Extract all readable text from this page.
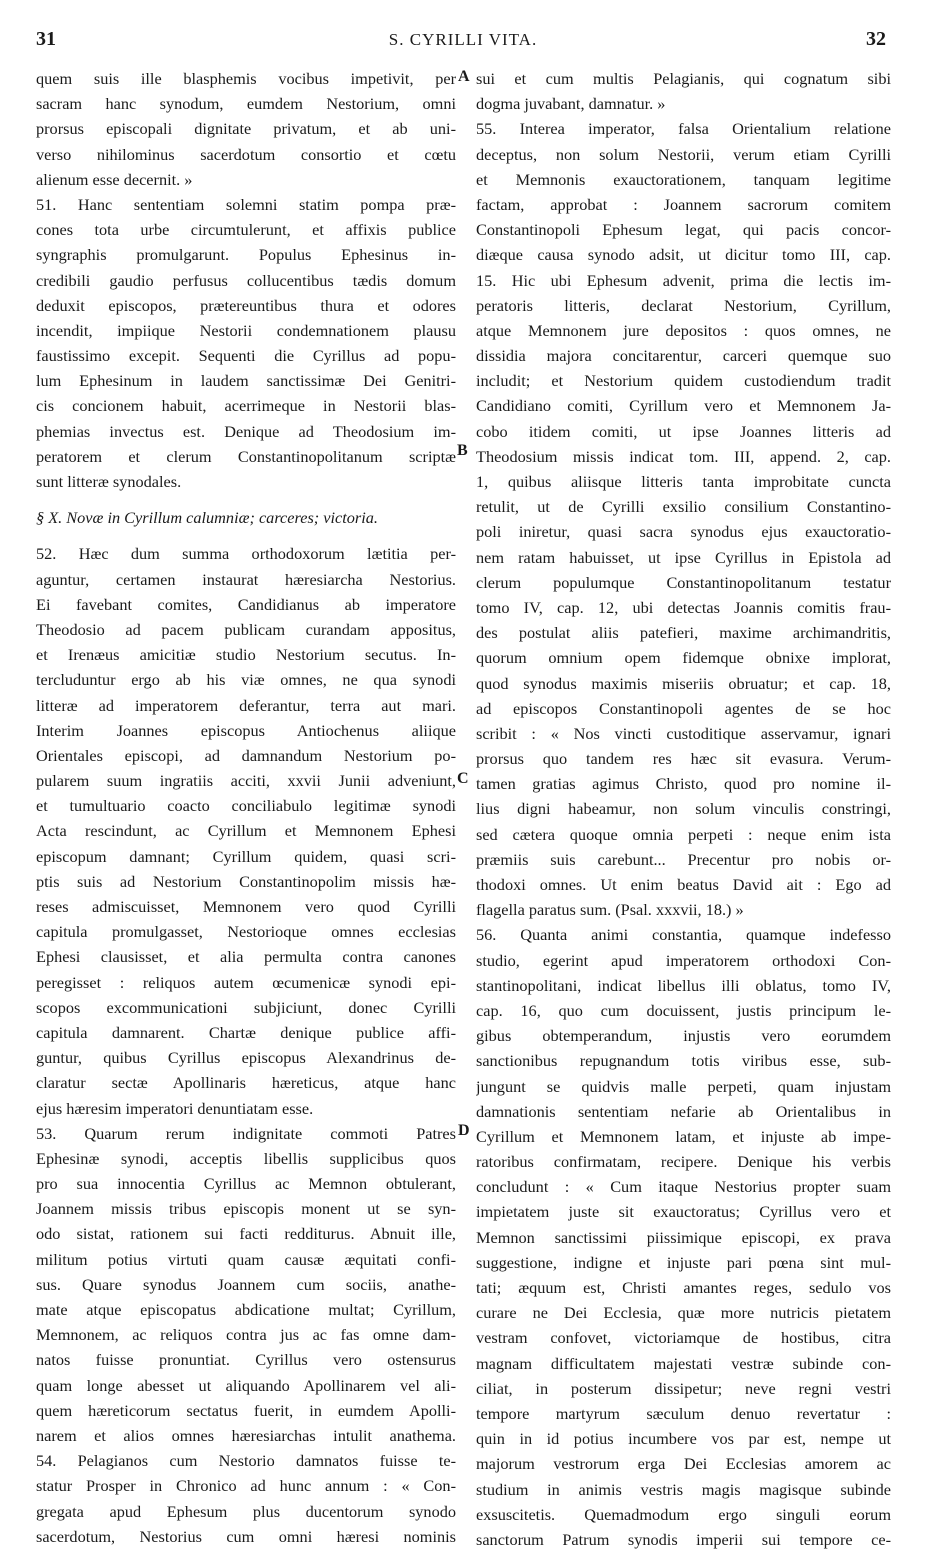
31	S. CYRILLI VITA.	32
quem suis ille blasphemis vocibus impetivit, per
sacram hanc synodum, eumdem Nestorium, omni
prorsus episcopali dignitate privatum, et ab uni-
verso nihilominus sacerdotum consortio et cœtu
alienum esse decernit. »
51. Hanc sententiam solemni statim pompa præ-
cones tota urbe circumtulerunt, et affixis publice
syngraphis promulgarunt. Populus Ephesinus in-
credibili gaudio perfusus collucentibus tædis domum
deduxit episcopos, prætereuntibus thura et odores
incendit, impiique Nestorii condemnationem plausu
faustissimo excepit. Sequenti die Cyrillus ad popu-
lum Ephesinum in laudem sanctissimæ Dei Genitri-
cis concionem habuit, acerrimeque in Nestorii blas-
phemias invectus est. Denique ad Theodosium im-
peratorem et clerum Constantinopolitanum scriptæ
sunt litteræ synodales.
§ X. Novæ in Cyrillum calumniæ; carceres; victoria.
52. Hæc dum summa orthodoxorum lætitia per-
aguntur, certamen instaurat hæresiarcha Nestorius.
Ei favebant comites, Candidianus ab imperatore
Theodosio ad pacem publicam curandam appositus,
et Irenæus amicitiæ studio Nestorium secutus. In-
tercluduntur ergo ab his viæ omnes, ne qua synodi
litteræ ad imperatorem deferantur, terra aut mari.
Interim Joannes episcopus Antiochenus aliique
Orientales episcopi, ad damnandum Nestorium po-
pularem suum ingratiis acciti, xxvii Junii adveniunt,
et tumultuario coacto conciliabulo legitimæ synodi
Acta rescindunt, ac Cyrillum et Memnonem Ephesi
episcopum damnant; Cyrillum quidem, quasi scri-
ptis suis ad Nestorium Constantinopolim missis hæ-
reses admiscuisset, Memnonem vero quod Cyrilli
capitula promulgasset, Nestorioque omnes ecclesias
Ephesi clausisset, et alia permulta contra canones
peregisset : reliquos autem œcumenicæ synodi epi-
scopos excommunicationi subjiciunt, donec Cyrilli
capitula damnarent. Chartæ denique publice affi-
guntur, quibus Cyrillus episcopus Alexandrinus de-
claratur sectæ Apollinaris hæreticus, atque hanc
ejus hæresim imperatori denuntiatam esse.
53. Quarum rerum indignitate commoti Patres
Ephesinæ synodi, acceptis libellis supplicibus quos
pro sua innocentia Cyrillus ac Memnon obtulerant,
Joannem missis tribus episcopis monent ut se syn-
odo sistat, rationem sui facti redditurus. Abnuit ille,
militum potius virtuti quam causæ æquitati confi-
sus. Quare synodus Joannem cum sociis, anathe-
mate atque episcopatus abdicatione multat; Cyrillum,
Memnonem, ac reliquos contra jus ac fas omne dam-
natos fuisse pronuntiat. Cyrillus vero ostensurus
quam longe abesset ut aliquando Apollinarem vel ali-
quem hæreticorum sectatus fuerit, in eumdem Apolli-
narem et alios omnes hæresiarchas intulit anathema.
54. Pelagianos cum Nestorio damnatos fuisse te-
statur Prosper in Chronico ad hunc annum : « Con-
gregata apud Ephesum plus ducentorum synodo
sacerdotum, Nestorius cum omni hæresi nominis
sui et cum multis Pelagianis, qui cognatum sibi
dogma juvabant, damnatur. »
55. Interea imperator, falsa Orientalium relatione
deceptus, non solum Nestorii, verum etiam Cyrilli
et Memnonis exauctorationem, tanquam legitime
factam, approbat : Joannem sacrorum comitem
Constantinopoli Ephesum legat, qui pacis concor-
diæque causa synodo adsit, ut dicitur tomo III, cap.
15. Hic ubi Ephesum advenit, prima die lectis im-
peratoris litteris, declarat Nestorium, Cyrillum,
atque Memnonem jure depositos : quos omnes, ne
dissidia majora concitarentur, carceri quemque suo
includit; et Nestorium quidem custodiendum tradit
Candidiano comiti, Cyrillum vero et Memnonem Ja-
cobo itidem comiti, ut ipse Joannes litteris ad
Theodosium missis indicat tom. III, append. 2, cap.
1, quibus aliisque litteris tanta improbitate cuncta
retulit, ut de Cyrilli exsilio consilium Constantino-
poli iniretur, quasi sacra synodus ejus exauctoratio-
nem ratam habuisset, ut ipse Cyrillus in Epistola ad
clerum populumque Constantinopolitanum testatur
tomo IV, cap. 12, ubi detectas Joannis comitis frau-
des postulat aliis patefieri, maxime archimandritis,
quorum omnium opem fidemque obnixe implorat,
quod synodus maximis miseriis obruatur; et cap. 18,
ad episcopos Constantinopoli agentes de se hoc
scribit : « Nos vincti custoditique asservamur, ignari
prorsus quo tandem res hæc sit evasura. Verum-
tamen gratias agimus Christo, quod pro nomine il-
lius digni habeamur, non solum vinculis constringi,
sed cætera quoque omnia perpeti : neque enim ista
præmiis suis carebunt... Precentur pro nobis or-
thodoxi omnes. Ut enim beatus David ait : Ego ad
flagella paratus sum. (Psal. xxxvii, 18.) »
56. Quanta animi constantia, quamque indefesso
studio, egerint apud imperatorem orthodoxi Con-
stantinopolitani, indicat libellus illi oblatus, tomo IV,
cap. 16, quo cum docuissent, justis principum le-
gibus obtemperandum, injustis vero eorumdem
sanctionibus repugnandum totis viribus esse, sub-
jungunt se quidvis malle perpeti, quam injustam
damnationis sententiam nefarie ab Orientalibus in
Cyrillum et Memnonem latam, et injuste ab impe-
ratoribus confirmatam, recipere. Denique his verbis
concludunt : « Cum itaque Nestorius propter suam
impietatem juste sit exauctoratus; Cyrillus vero et
Memnon sanctissimi piissimique episcopi, ex prava
suggestione, indigne et injuste pari pœna sint mul-
tati; æquum est, Christi amantes reges, sedulo vos
curare ne Dei Ecclesia, quæ more nutricis pietatem
vestram confovet, victoriamque de hostibus, citra
magnam difficultatem majestati vestræ subinde con-
ciliat, in posterum dissipetur; neve regni vestri
tempore martyrum sæculum denuo revertatur :
quin in id potius incumbere vos par est, nempe ut
majorum vestrorum erga Dei Ecclesias amorem ac
studium in animis vestris magis magisque subinde
exsuscitetis. Quemadmodum ergo singuli eorum
sanctorum Patrum synodis imperii sui tempore ce-
A
B
C
D
